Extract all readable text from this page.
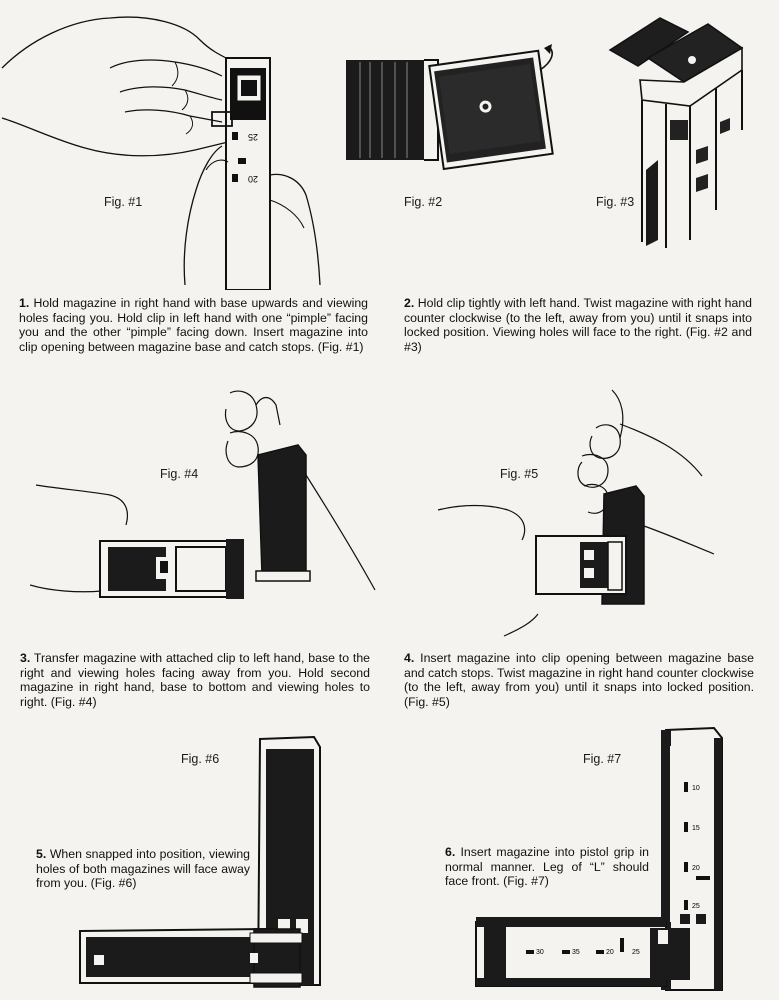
25
20
Fig. #1	Fig. #2	Fig. #3
1. Hold magazine in right hand with base upwards and viewing holes facing you. Hold clip in left hand with one “pimple” facing you and the other “pimple” facing down. Insert magazine into clip opening between magazine base and catch stops. (Fig. #1)
2. Hold clip tightly with left hand. Twist magazine with right hand counter clockwise (to the left, away from you) until it snaps into locked position. Viewing holes will face to the right. (Fig. #2 and #3)
Fig. #4	Fig. #5
3. Transfer magazine with attached clip to left hand, base to the right and viewing holes facing away from you. Hold second magazine in right hand, base to bottom and viewing holes to right. (Fig. #4)
4. Insert magazine into clip opening between magazine base and catch stops. Twist magazine in right hand counter clockwise (to the left, away from you) until it snaps into locked position. (Fig. #5)
Fig. #6
5. When snapped into position, viewing holes of both magazines will face away from you. (Fig. #6)
10
15
20
25
30	35	20	25
Fig. #7
6. Insert magazine into pistol grip in normal manner. Leg of “L” should face front. (Fig. #7)
